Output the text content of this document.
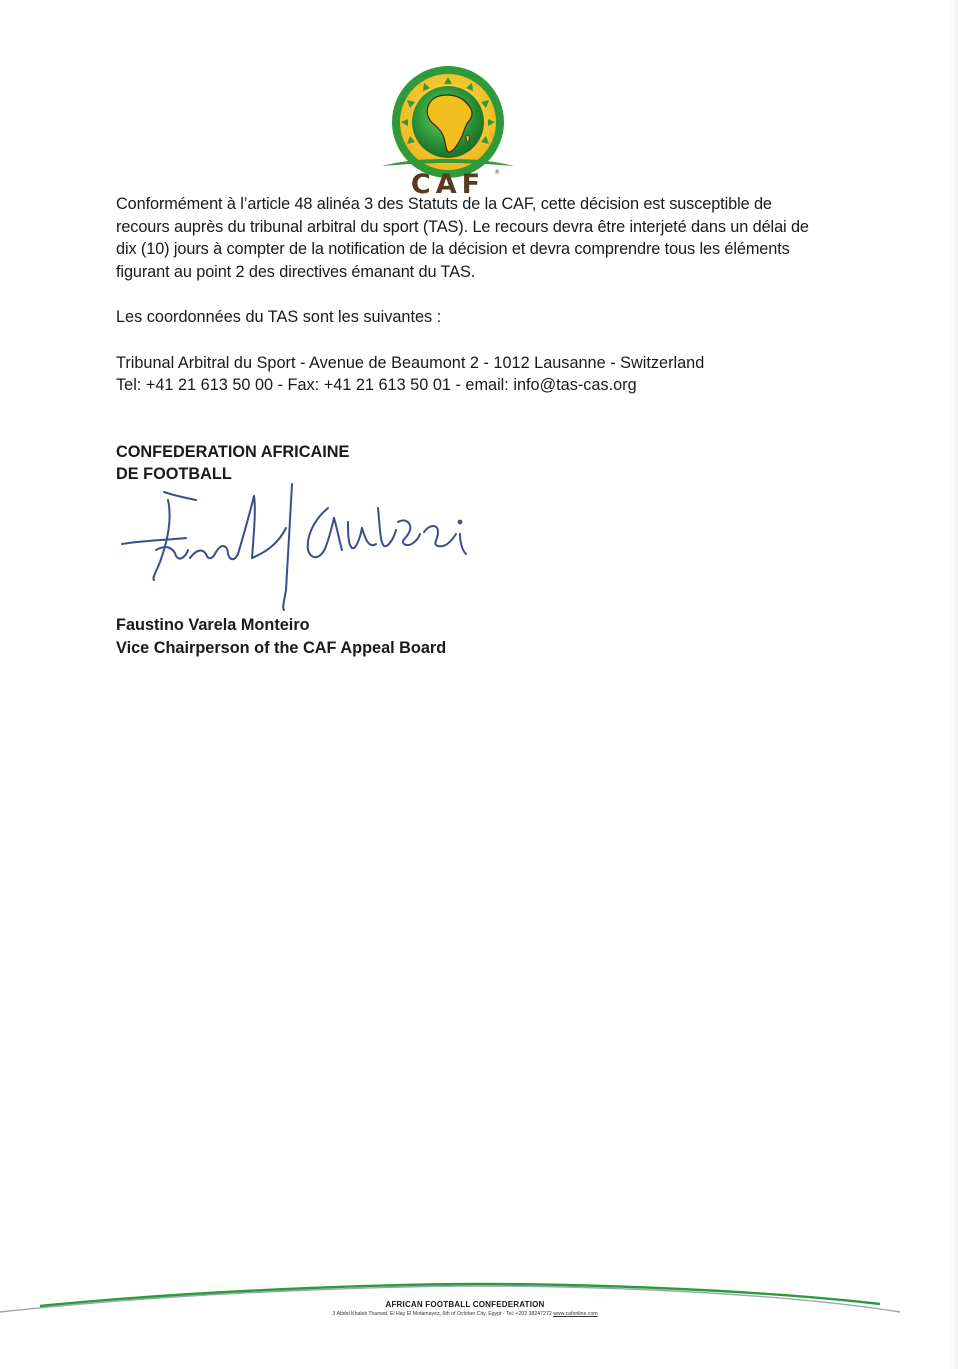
CAF ®

Conformément à l’article 48 alinéa 3 des Statuts de la CAF, cette décision est susceptible de recours auprès du tribunal arbitral du sport (TAS). Le recours devra être interjeté dans un délai de dix (10) jours à compter de la notification de la décision et devra comprendre tous les éléments figurant au point 2 des directives émanant du TAS.

Les coordonnées du TAS sont les suivantes :

Tribunal Arbitral du Sport - Avenue de Beaumont 2 - 1012 Lausanne - Switzerland

Tel: +41 21 613 50 00 - Fax: +41 21 613 50 01 - email: info@tas-cas.org

CONFEDERATION AFRICAINE

DE FOOTBALL

Faustino Varela Monteiro
Vice Chairperson of the CAF Appeal Board
AFRICAN FOOTBALL CONFEDERATION
3 Abdel Khalek Tharwat, El Hay El Motamayez, 6th of October City, Egypt - Tel: +202 38247272 www.cafonline.com
